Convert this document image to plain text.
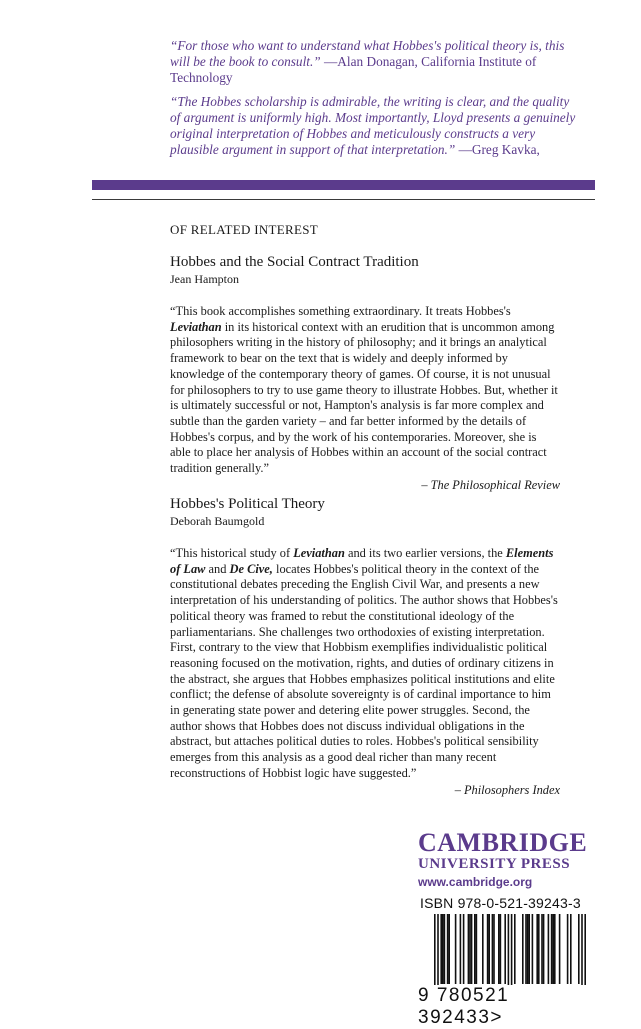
“For those who want to understand what Hobbes's political theory is, this will be the book to consult.” —Alan Donagan, California Institute of Technology

“The Hobbes scholarship is admirable, the writing is clear, and the quality of argument is uniformly high. Most importantly, Lloyd presents a genuinely original interpretation of Hobbes and meticulously constructs a very plausible argument in support of that interpretation.” —Greg Kavka,

OF RELATED INTEREST
Hobbes and the Social Contract Tradition
Jean Hampton
“This book accomplishes something extraordinary. It treats Hobbes's Leviathan in its historical context with an erudition that is uncommon among philosophers writing in the history of philosophy; and it brings an analytical framework to bear on the text that is widely and deeply informed by knowledge of the contemporary theory of games. Of course, it is not unusual for philosophers to try to use game theory to illustrate Hobbes. But, whether it is ultimately successful or not, Hampton's analysis is far more complex and subtle than the garden variety – and far better informed by the details of Hobbes's corpus, and by the work of his contemporaries. Moreover, she is able to place her analysis of Hobbes within an account of the social contract tradition generally.”
– The Philosophical Review
Hobbes's Political Theory
Deborah Baumgold
“This historical study of Leviathan and its two earlier versions, the Elements of Law and De Cive, locates Hobbes's political theory in the context of the constitutional debates preceding the English Civil War, and presents a new interpretation of his understanding of politics. The author shows that Hobbes's political theory was framed to rebut the constitutional ideology of the parliamentarians. She challenges two orthodoxies of existing interpretation. First, contrary to the view that Hobbism exemplifies individualistic political reasoning focused on the motivation, rights, and duties of ordinary citizens in the abstract, she argues that Hobbes emphasizes political institutions and elite conflict; the defense of absolute sovereignty is of cardinal importance to him in generating state power and detering elite power struggles. Second, the author shows that Hobbes does not discuss individual obligations in the abstract, but attaches political duties to roles. Hobbes's political sensibility emerges from this analysis as a good deal richer than many recent reconstructions of Hobbist logic have suggested.”
– Philosophers Index
CAMBRIDGE
UNIVERSITY PRESS
www.cambridge.org
ISBN 978-0-521-39243-3
9 780521 392433>
